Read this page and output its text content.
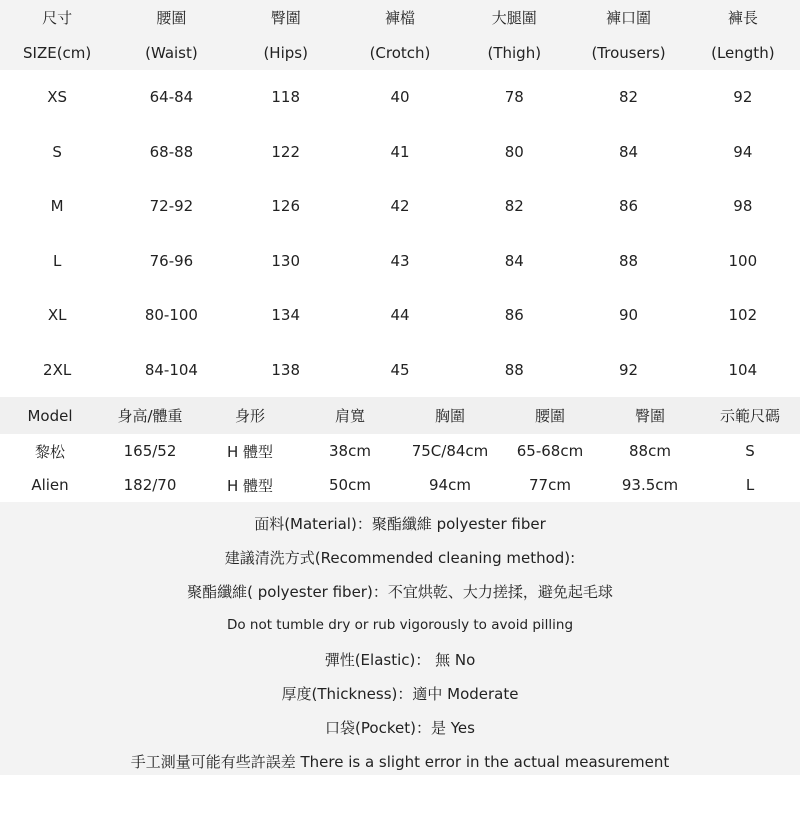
尺寸	腰圍	臀圍	褲檔	大腿圍	褲口圍	褲長
SIZE(cm)	(Waist)	(Hips)	(Crotch)	(Thigh)	(Trousers)	(Length)
XS	64-84	118	40	78	82	92
S	68-88	122	41	80	84	94
M	72-92	126	42	82	86	98
L	76-96	130	43	84	88	100
XL	80-100	134	44	86	90	102
2XL	84-104	138	45	88	92	104
Model	身高/體重	身形	肩寬	胸圍	腰圍	臀圍	示範尺碼
黎松	165/52	H 體型	38cm	75C/84cm	65-68cm	88cm	S
Alien	182/70	H 體型	50cm	94cm	77cm	93.5cm	L
面料(Material)：聚酯纖維 polyester fiber
建議清洗方式(Recommended cleaning method):
聚酯纖維( polyester fiber)：不宜烘乾、大力搓揉，避免起毛球
Do not tumble dry or rub vigorously to avoid pilling
彈性(Elastic)： 無 No
厚度(Thickness)：適中 Moderate
口袋(Pocket)：是 Yes
手工測量可能有些許誤差 There is a slight error in the actual measurement
